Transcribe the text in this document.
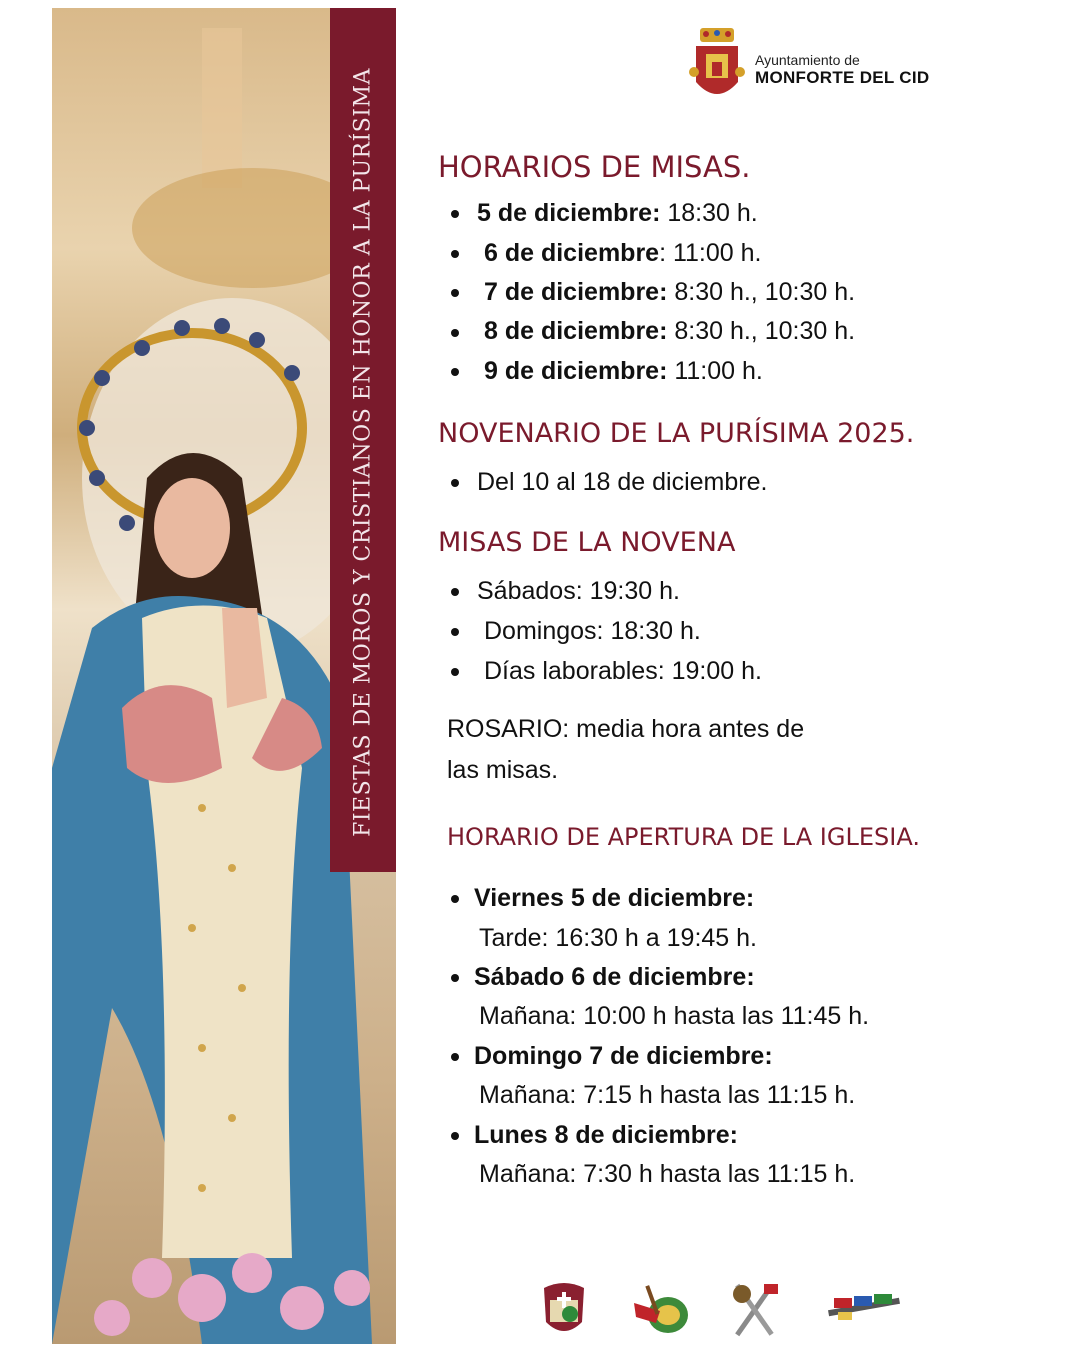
FIESTAS DE MOROS Y CRISTIANOS EN HONOR A LA PURÍSIMA
Ayuntamiento de
MONFORTE DEL CID
HORARIOS DE MISAS.
5 de diciembre: 18:30 h.
6 de diciembre: 11:00 h.
7 de diciembre: 8:30 h., 10:30 h.
8 de diciembre: 8:30 h., 10:30 h.
9 de diciembre: 11:00 h.
NOVENARIO DE LA PURÍSIMA 2025.
Del 10 al 18 de diciembre.
MISAS DE LA NOVENA
Sábados: 19:30 h.
Domingos: 18:30 h.
Días laborables: 19:00 h.
ROSARIO: media hora antes de
las misas.
HORARIO DE APERTURA DE LA IGLESIA.
Viernes 5 de diciembre:
Tarde: 16:30 h a 19:45 h.
Sábado 6 de diciembre:
Mañana: 10:00 h hasta las 11:45 h.
Domingo 7 de diciembre:
Mañana: 7:15 h hasta las 11:15 h.
Lunes 8 de diciembre:
Mañana: 7:30 h hasta las 11:15 h.
